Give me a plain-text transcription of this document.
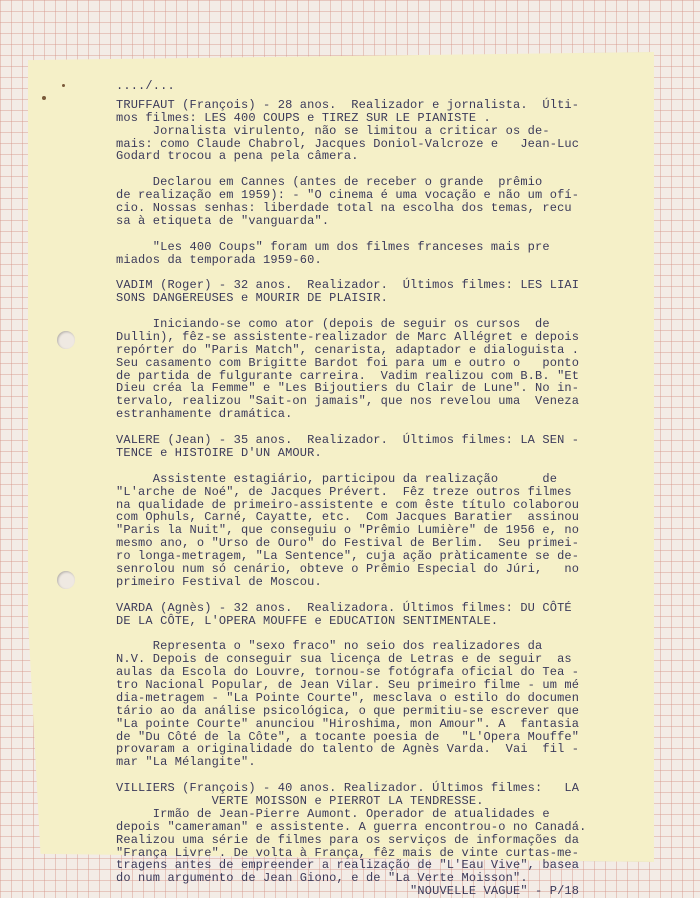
..../...
TRUFFAUT (François) - 28 anos.  Realizador e jornalista.  Últi-
mos filmes: LES 400 COUPS e TIREZ SUR LE PIANISTE .
Jornalista virulento, não se limitou a criticar os de-
mais: como Claude Chabrol, Jacques Doniol-Valcroze e   Jean-Luc
Godard trocou a pena pela câmera.
Declarou em Cannes (antes de receber o grande  prêmio
de realização em 1959): - "O cinema é uma vocação e não um ofí-
cio. Nossas senhas: liberdade total na escolha dos temas, recu
sa à etiqueta de "vanguarda".
"Les 400 Coups" foram um dos filmes franceses mais pre
miados da temporada 1959-60.
VADIM (Roger) - 32 anos.  Realizador.  Últimos filmes: LES LIAI
SONS DANGEREUSES e MOURIR DE PLAISIR.
Iniciando-se como ator (depois de seguir os cursos  de
Dullin), fêz-se assistente-realizador de Marc Allégret e depois
repórter do "Paris Match", cenarista, adaptador e dialoguista .
Seu casamento com Brigitte Bardot foi para um e outro o   ponto
de partida de fulgurante carreira.  Vadim realizou com B.B. "Et
Dieu créa la Femme" e "Les Bijoutiers du Clair de Lune". No in-
tervalo, realizou "Sait-on jamais", que nos revelou uma  Veneza
estranhamente dramática.
VALERE (Jean) - 35 anos.  Realizador.  Últimos filmes: LA SEN -
TENCE e HISTOIRE D'UN AMOUR.
Assistente estagiário, participou da realização      de
"L'arche de Noé", de Jacques Prévert.  Fêz treze outros filmes
na qualidade de primeiro-assistente e com êste título colaborou
com Ophuls, Carné, Cayatte, etc.  Com Jacques Baratier  assinou
"Paris la Nuit", que conseguiu o "Prêmio Lumière" de 1956 e, no
mesmo ano, o "Urso de Ouro" do Festival de Berlim.  Seu primei-
ro longa-metragem, "La Sentence", cuja ação pràticamente se de-
senrolou num só cenário, obteve o Prêmio Especial do Júri,   no
primeiro Festival de Moscou.
VARDA (Agnès) - 32 anos.  Realizadora. Últimos filmes: DU CÔTÉ
DE LA CÔTE, L'OPERA MOUFFE e EDUCATION SENTIMENTALE.
Representa o "sexo fraco" no seio dos realizadores da
N.V. Depois de conseguir sua licença de Letras e de seguir  as
aulas da Escola do Louvre, tornou-se fotógrafa oficial do Tea -
tro Nacional Popular, de Jean Vilar. Seu primeiro filme - um mé
dia-metragem - "La Pointe Courte", mesclava o estilo do documen
tário ao da análise psicológica, o que permitiu-se escrever que
"La pointe Courte" anunciou "Hiroshima, mon Amour". A  fantasia
de "Du Côté de la Côte", a tocante poesia de   "L'Opera Mouffe"
provaram a originalidade do talento de Agnès Varda.  Vai  fil -
mar "La Mélangite".
VILLIERS (François) - 40 anos. Realizador. Últimos filmes:   LA
VERTE MOISSON e PIERROT LA TENDRESSE.
Irmão de Jean-Pierre Aumont. Operador de atualidades e
depois "cameraman" e assistente. A guerra encontrou-o no Canadá.
Realizou uma série de filmes para os serviços de informações da
"França Livre". De volta à França, fêz mais de vinte curtas-me-
tragens antes de empreender a realização de "L'Eau Vive", basea
do num argumento de Jean Giono, e de "La Verte Moisson".
"NOUVELLE VAGUE" - P/18
